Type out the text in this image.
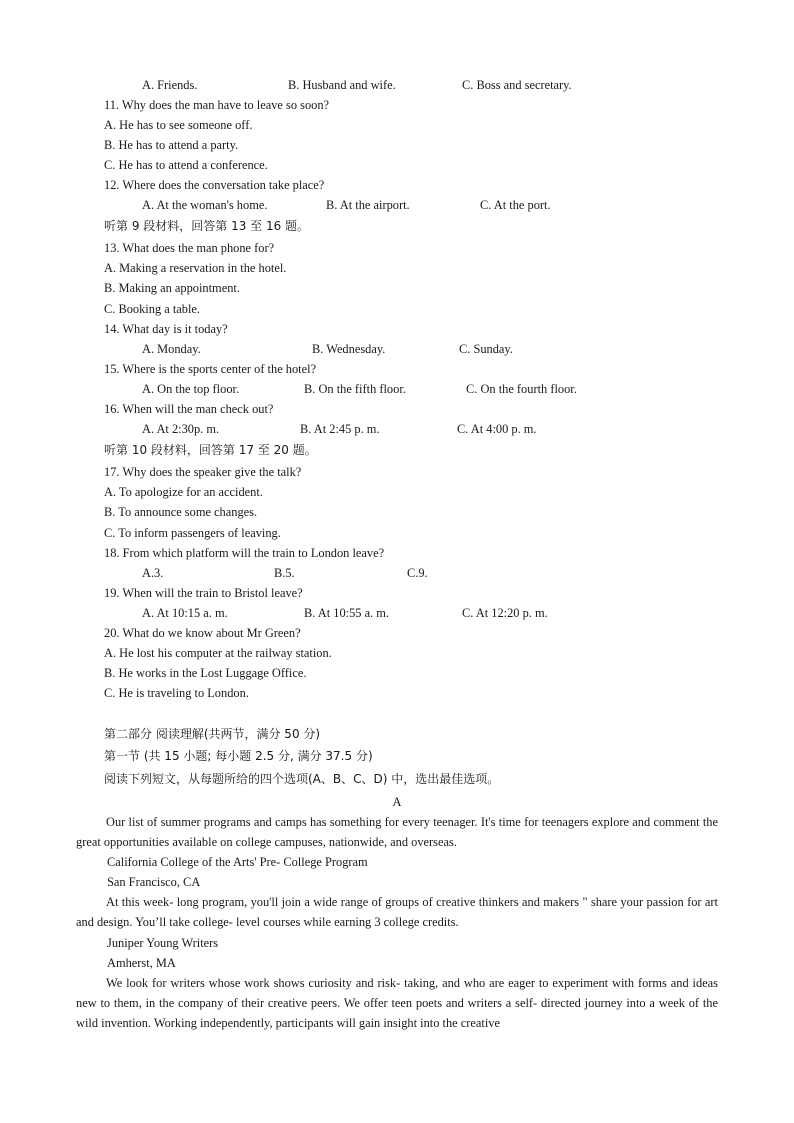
A. Friends.	B. Husband and wife.	C. Boss and secretary.
11. Why does the man have to leave so soon?
A. He has to see someone off.
B. He has to attend a party.
C. He has to attend a conference.
12. Where does the conversation take place?
A. At the woman's home.	B. At the airport.	C. At the port.
听第 9 段材料，回答第 13 至 16 题。
13. What does the man phone for?
A. Making a reservation in the hotel.
B. Making an appointment.
C. Booking a table.
14. What day is it today?
A. Monday.	B. Wednesday.	C. Sunday.
15. Where is the sports center of the hotel?
A. On the top floor.	B. On the fifth floor.	C. On the fourth floor.
16. When will the man check out?
A. At 2:30p. m.	B. At 2:45 p. m.	C. At 4:00 p. m.
听第 10 段材料，回答第 17 至 20 题。
17. Why does the speaker give the talk?
A. To apologize for an accident.
B. To announce some changes.
C. To inform passengers of leaving.
18. From which platform will the train to London leave?
A.3.	B.5.	C.9.
19. When will the train to Bristol leave?
A. At 10:15 a. m.	B. At 10:55 a. m.	C. At 12:20 p. m.
20. What do we know about Mr Green?
A. He lost his computer at the railway station.
B. He works in the Lost Luggage Office.
C. He is traveling to London.
第二部分 阅读理解(共两节，满分 50 分)
第一节 (共 15 小题; 每小题 2.5 分, 满分 37.5 分)
阅读下列短文，从每题所给的四个选项(A、B、C、D) 中，选出最佳选项。
A
Our list of summer programs and camps has something for every teenager. It's time for teenagers explore and comment the great opportunities available on college campuses, nationwide, and overseas.
California College of the Arts' Pre- College Program
San Francisco, CA
At this week- long program, you'll join a wide range of groups of creative thinkers and makers " share your passion for art and design. You’ll take college- level courses while earning 3 college credits.
Juniper Young Writers
Amherst, MA
We look for writers whose work shows curiosity and risk- taking, and who are eager to experiment with forms and ideas new to them, in the company of their creative peers. We offer teen poets and writers a self- directed journey into a week of the wild invention. Working independently, participants will gain insight into the creative
